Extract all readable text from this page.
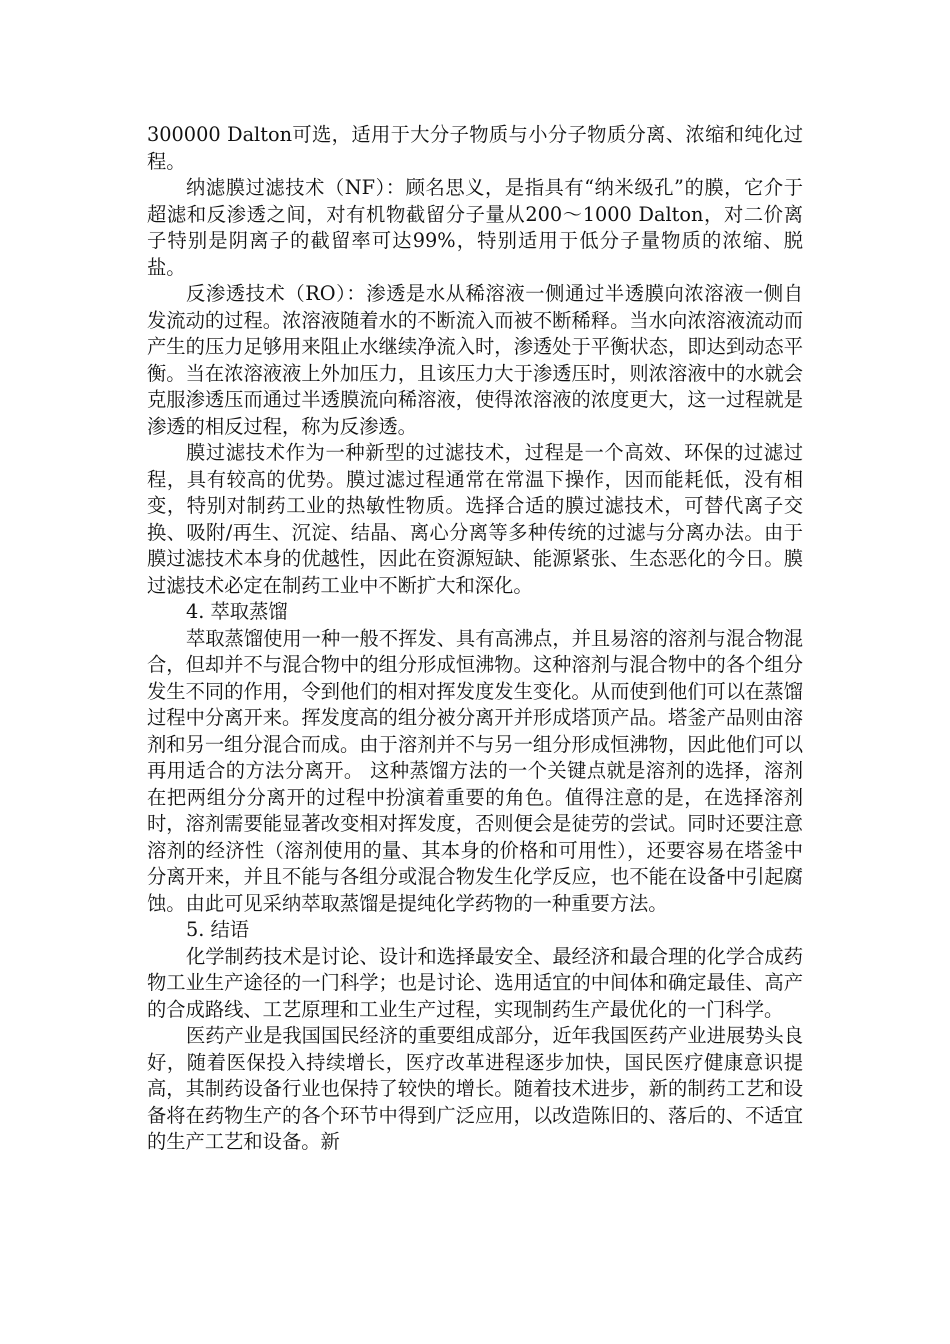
300000 Dalton可选，适用于大分子物质与小分子物质分离、浓缩和纯化过程。

纳滤膜过滤技术（NF）：顾名思义，是指具有“纳米级孔”的膜，它介于超滤和反渗透之间，对有机物截留分子量从200～1000 Dalton，对二价离子特别是阴离子的截留率可达99%，特别适用于低分子量物质的浓缩、脱盐。

反渗透技术（RO）：渗透是水从稀溶液一侧通过半透膜向浓溶液一侧自发流动的过程。浓溶液随着水的不断流入而被不断稀释。当水向浓溶液流动而产生的压力足够用来阻止水继续净流入时，渗透处于平衡状态，即达到动态平衡。当在浓溶液液上外加压力，且该压力大于渗透压时，则浓溶液中的水就会克服渗透压而通过半透膜流向稀溶液，使得浓溶液的浓度更大，这一过程就是渗透的相反过程，称为反渗透。

膜过滤技术作为一种新型的过滤技术，过程是一个高效、环保的过滤过程，具有较高的优势。膜过滤过程通常在常温下操作，因而能耗低，没有相变，特别对制药工业的热敏性物质。选择合适的膜过滤技术，可替代离子交换、吸附/再生、沉淀、结晶、离心分离等多种传统的过滤与分离办法。由于膜过滤技术本身的优越性，因此在资源短缺、能源紧张、生态恶化的今日。膜过滤技术必定在制药工业中不断扩大和深化。

4. 萃取蒸馏

萃取蒸馏使用一种一般不挥发、具有高沸点，并且易溶的溶剂与混合物混合，但却并不与混合物中的组分形成恒沸物。这种溶剂与混合物中的各个组分发生不同的作用，令到他们的相对挥发度发生变化。从而使到他们可以在蒸馏过程中分离开来。挥发度高的组分被分离开并形成塔顶产品。塔釜产品则由溶剂和另一组分混合而成。由于溶剂并不与另一组分形成恒沸物，因此他们可以再用适合的方法分离开。 这种蒸馏方法的一个关键点就是溶剂的选择，溶剂在把两组分分离开的过程中扮演着重要的角色。值得注意的是，在选择溶剂时，溶剂需要能显著改变相对挥发度，否则便会是徒劳的尝试。同时还要注意溶剂的经济性（溶剂使用的量、其本身的价格和可用性），还要容易在塔釜中分离开来，并且不能与各组分或混合物发生化学反应，也不能在设备中引起腐蚀。由此可见采纳萃取蒸馏是提纯化学药物的一种重要方法。

5. 结语

化学制药技术是讨论、设计和选择最安全、最经济和最合理的化学合成药物工业生产途径的一门科学；也是讨论、选用适宜的中间体和确定最佳、高产的合成路线、工艺原理和工业生产过程，实现制药生产最优化的一门科学。

医药产业是我国国民经济的重要组成部分，近年我国医药产业进展势头良好，随着医保投入持续增长，医疗改革进程逐步加快，国民医疗健康意识提高，其制药设备行业也保持了较快的增长。随着技术进步，新的制药工艺和设备将在药物生产的各个环节中得到广泛应用，以改造陈旧的、落后的、不适宜的生产工艺和设备。新
